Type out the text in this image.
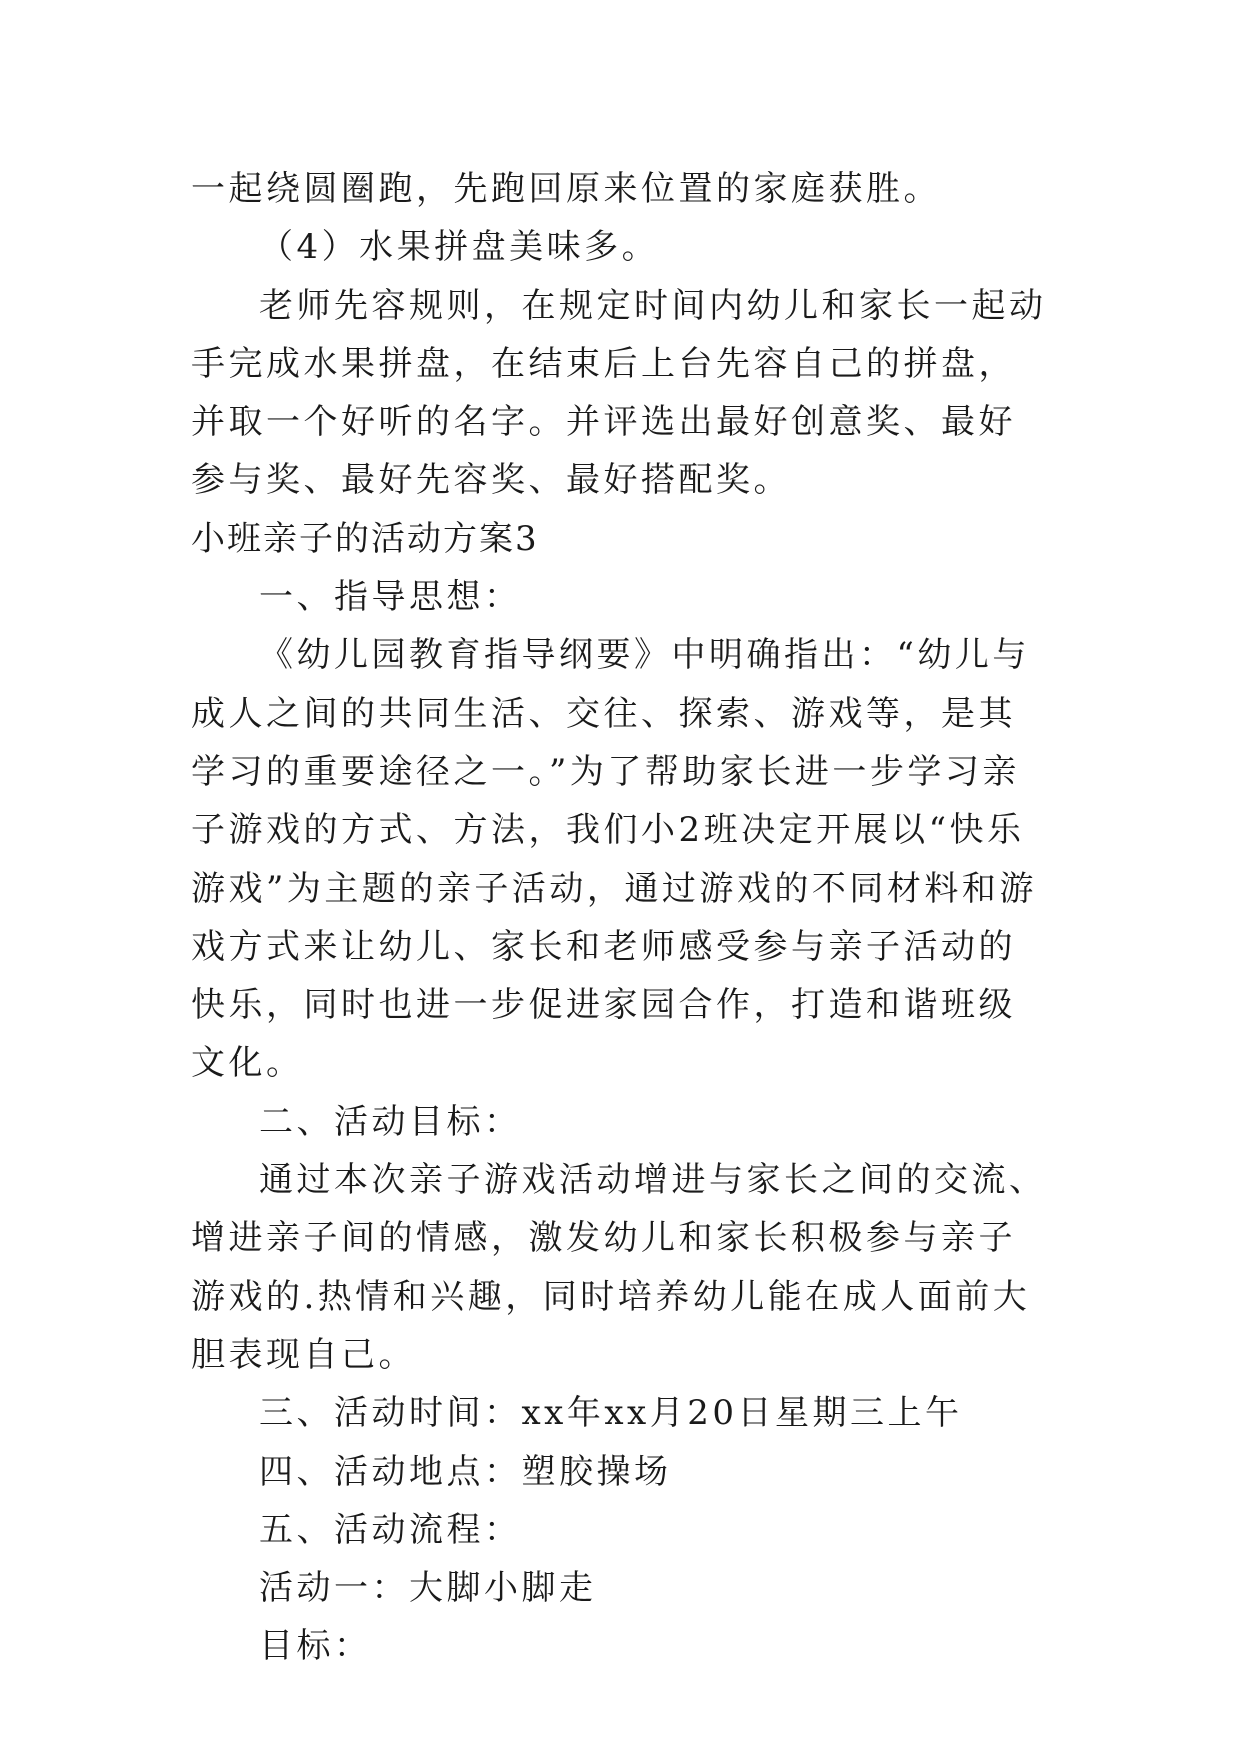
一起绕圆圈跑，先跑回原来位置的家庭获胜。

（4）水果拼盘美味多。

老师先容规则，在规定时间内幼儿和家长一起动手完成水果拼盘，在结束后上台先容自己的拼盘，并取一个好听的名字。并评选出最好创意奖、最好参与奖、最好先容奖、最好搭配奖。

小班亲子的活动方案3

一、指导思想：

《幼儿园教育指导纲要》中明确指出：“幼儿与成人之间的共同生活、交往、探索、游戏等，是其学习的重要途径之一。”为了帮助家长进一步学习亲子游戏的方式、方法，我们小2班决定开展以“快乐游戏”为主题的亲子活动，通过游戏的不同材料和游戏方式来让幼儿、家长和老师感受参与亲子活动的快乐，同时也进一步促进家园合作，打造和谐班级文化。

二、活动目标：

通过本次亲子游戏活动增进与家长之间的交流、增进亲子间的情感，激发幼儿和家长积极参与亲子游戏的.热情和兴趣，同时培养幼儿能在成人面前大胆表现自己。

三、活动时间：xx年xx月20日星期三上午

四、活动地点：塑胶操场

五、活动流程：

活动一：大脚小脚走

目标：
